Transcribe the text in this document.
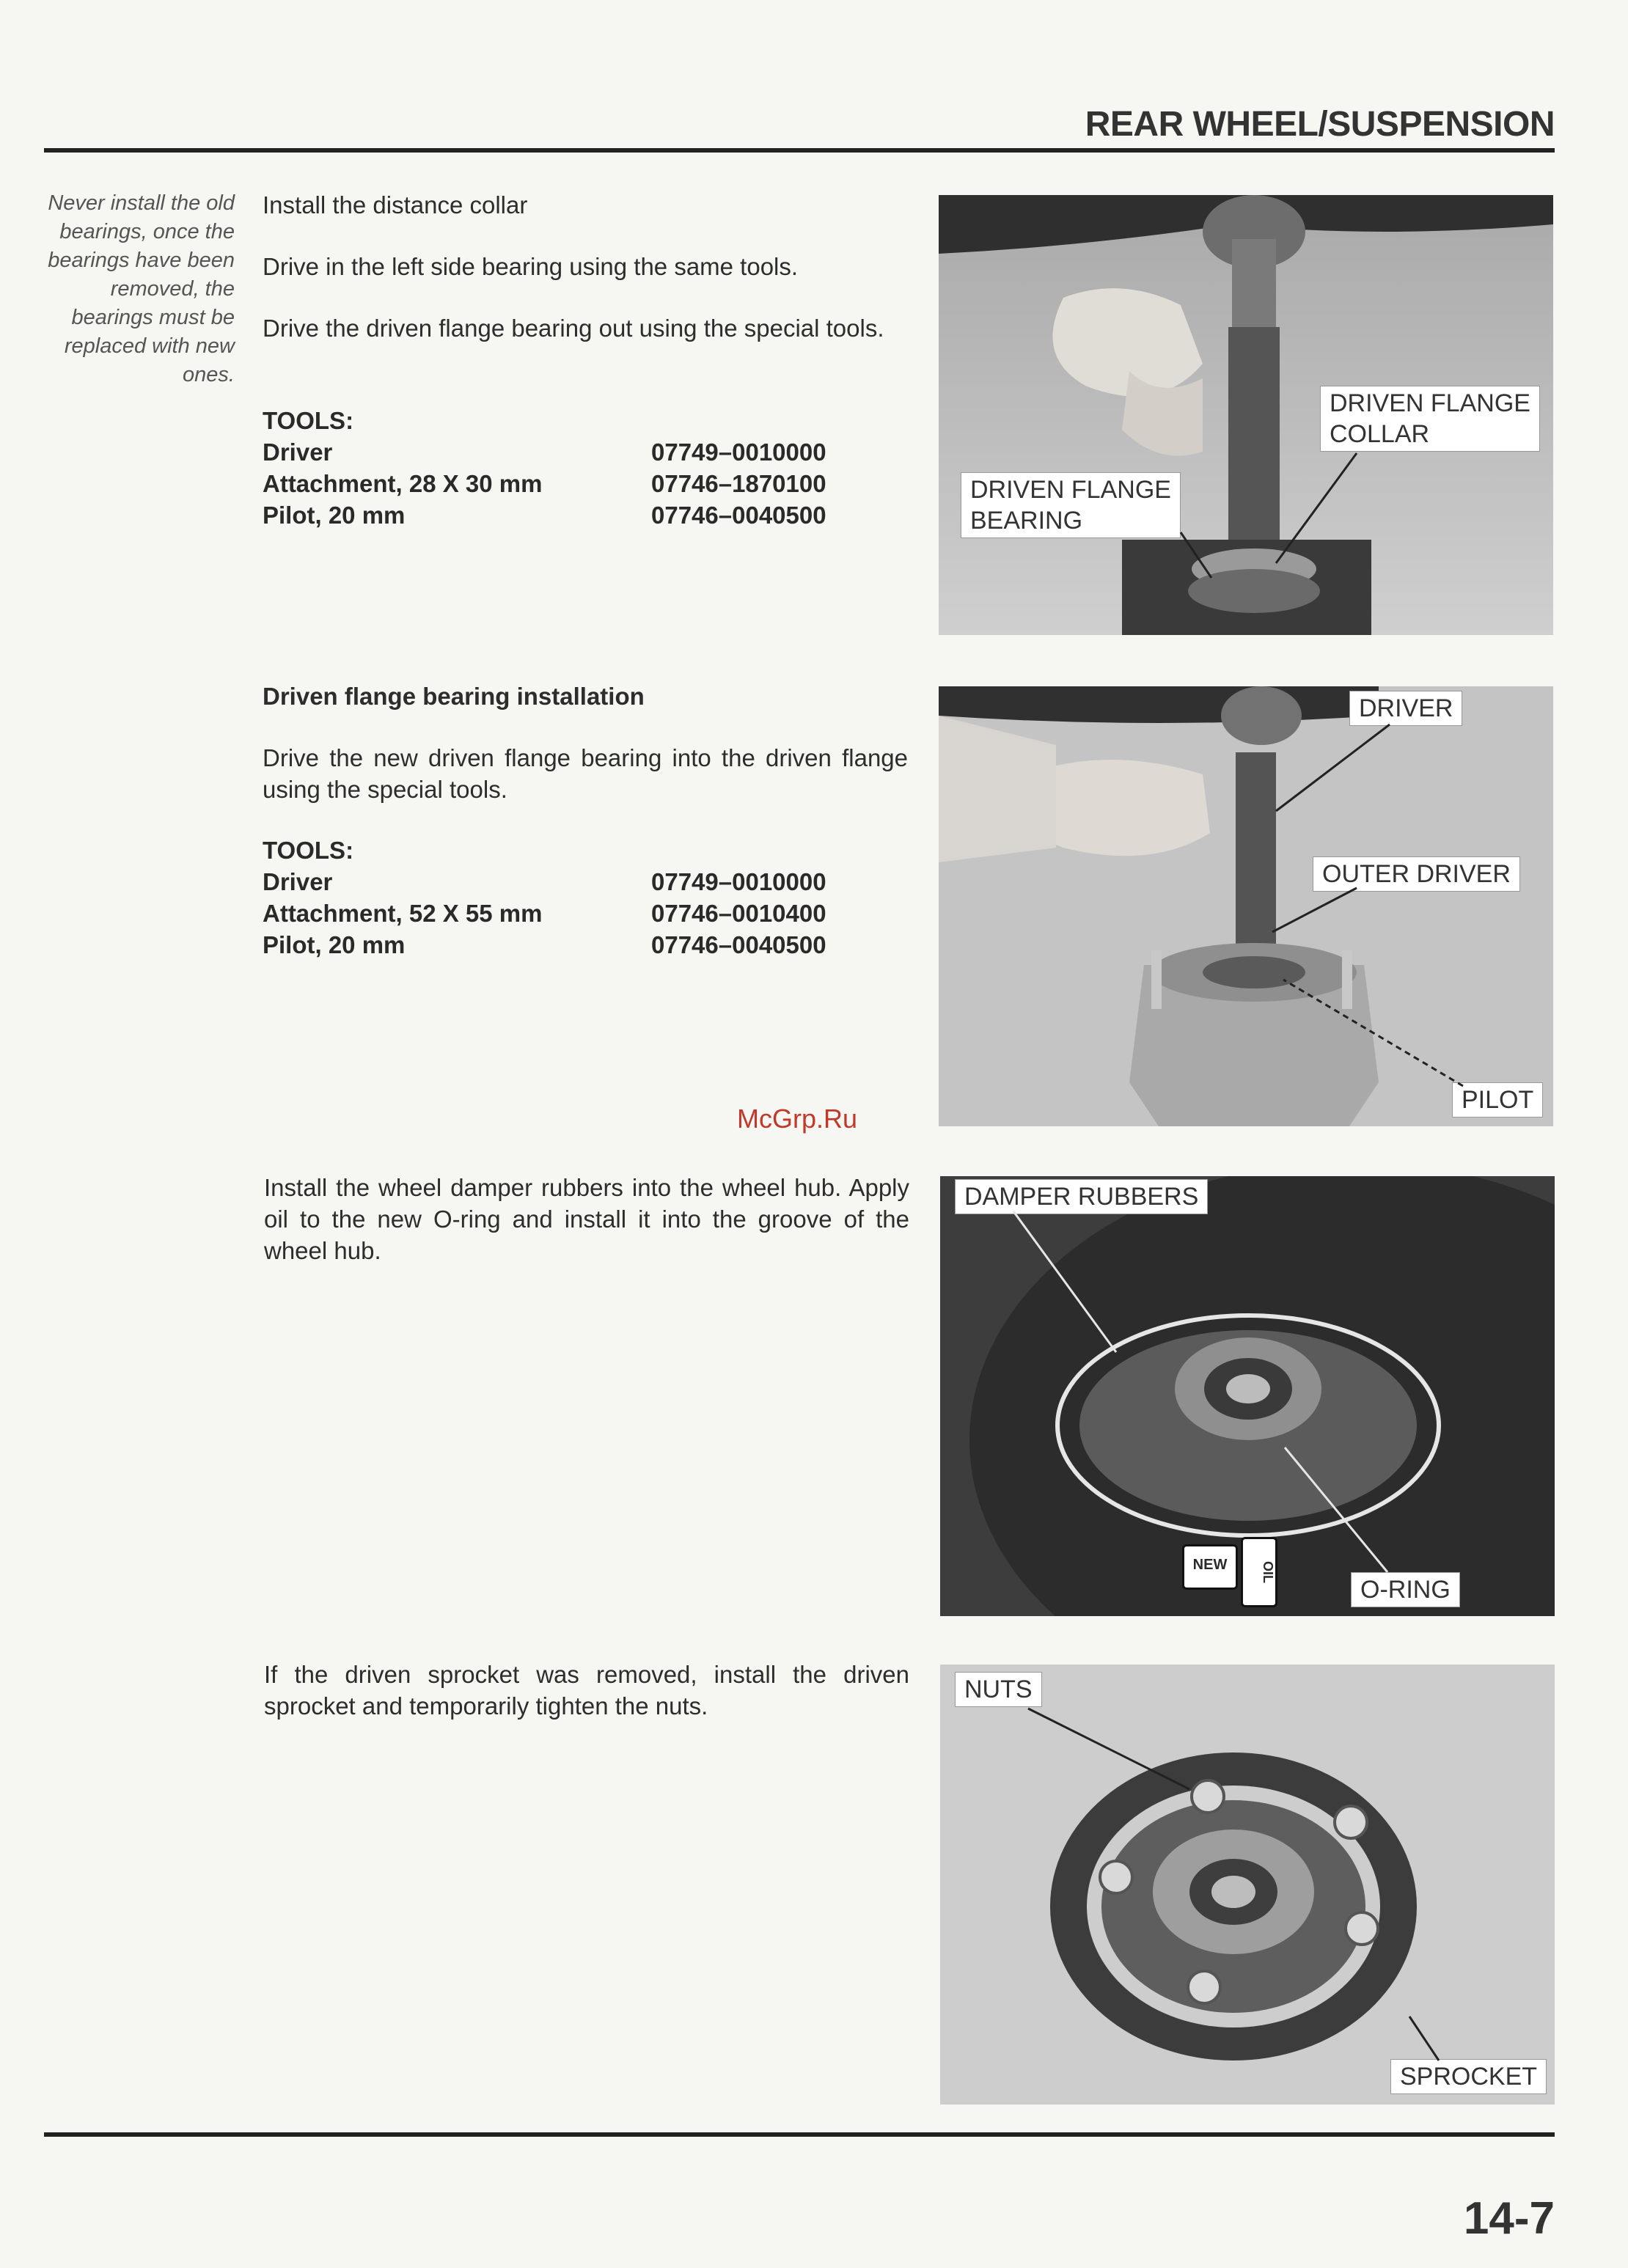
REAR WHEEL/SUSPENSION
Never install the old bearings, once the bearings have been removed, the bearings must be replaced with new ones.
Install the distance collar
Drive in the left side bearing using the same tools.
Drive the driven flange bearing out using the special tools.
TOOLS:
Driver	07749–0010000
Attachment, 28 X 30 mm	07746–1870100
Pilot, 20 mm	07746–0040500
DRIVEN FLANGE
COLLAR
DRIVEN FLANGE
BEARING
Driven flange bearing installation
Drive the new driven flange bearing into the driven flange using the special tools.
TOOLS:
Driver	07749–0010000
Attachment, 52 X 55 mm	07746–0010400
Pilot, 20 mm	07746–0040500
DRIVER
OUTER DRIVER
PILOT
McGrp.Ru
Install the wheel damper rubbers into the wheel hub. Apply oil to the new O-ring and install it into the groove of the wheel hub.
DAMPER RUBBERS
O-RING
NEW	OIL
If the driven sprocket was removed, install the driven sprocket and temporarily tighten the nuts.
NUTS
SPROCKET
14-7
